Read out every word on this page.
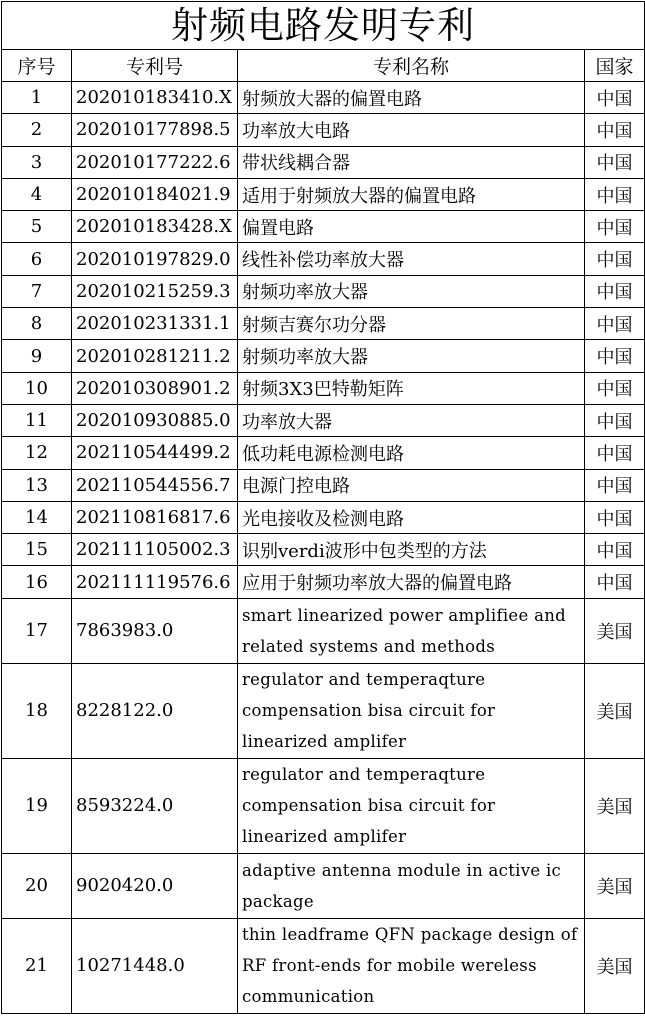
射频电路发明专利			
序号	专利号	专利名称	国家
1	202010183410.X	射频放大器的偏置电路	中国
2	202010177898.5	功率放大电路	中国
3	202010177222.6	带状线耦合器	中国
4	202010184021.9	适用于射频放大器的偏置电路	中国
5	202010183428.X	偏置电路	中国
6	202010197829.0	线性补偿功率放大器	中国
7	202010215259.3	射频功率放大器	中国
8	202010231331.1	射频吉赛尔功分器	中国
9	202010281211.2	射频功率放大器	中国
10	202010308901.2	射频3X3巴特勒矩阵	中国
11	202010930885.0	功率放大器	中国
12	202110544499.2	低功耗电源检测电路	中国
13	202110544556.7	电源门控电路	中国
14	202110816817.6	光电接收及检测电路	中国
15	202111105002.3	识别verdi波形中包类型的方法	中国
16	202111119576.6	应用于射频功率放大器的偏置电路	中国
17	7863983.0	smart linearized power amplifiee and related systems and methods	美国
18	8228122.0	regulator and temperaqture compensation bisa circuit for linearized amplifer	美国
19	8593224.0	regulator and temperaqture compensation bisa circuit for linearized amplifer	美国
20	9020420.0	adaptive antenna module in active ic package	美国
21	10271448.0	thin leadframe QFN package design of RF front-ends for mobile wereless communication	美国
